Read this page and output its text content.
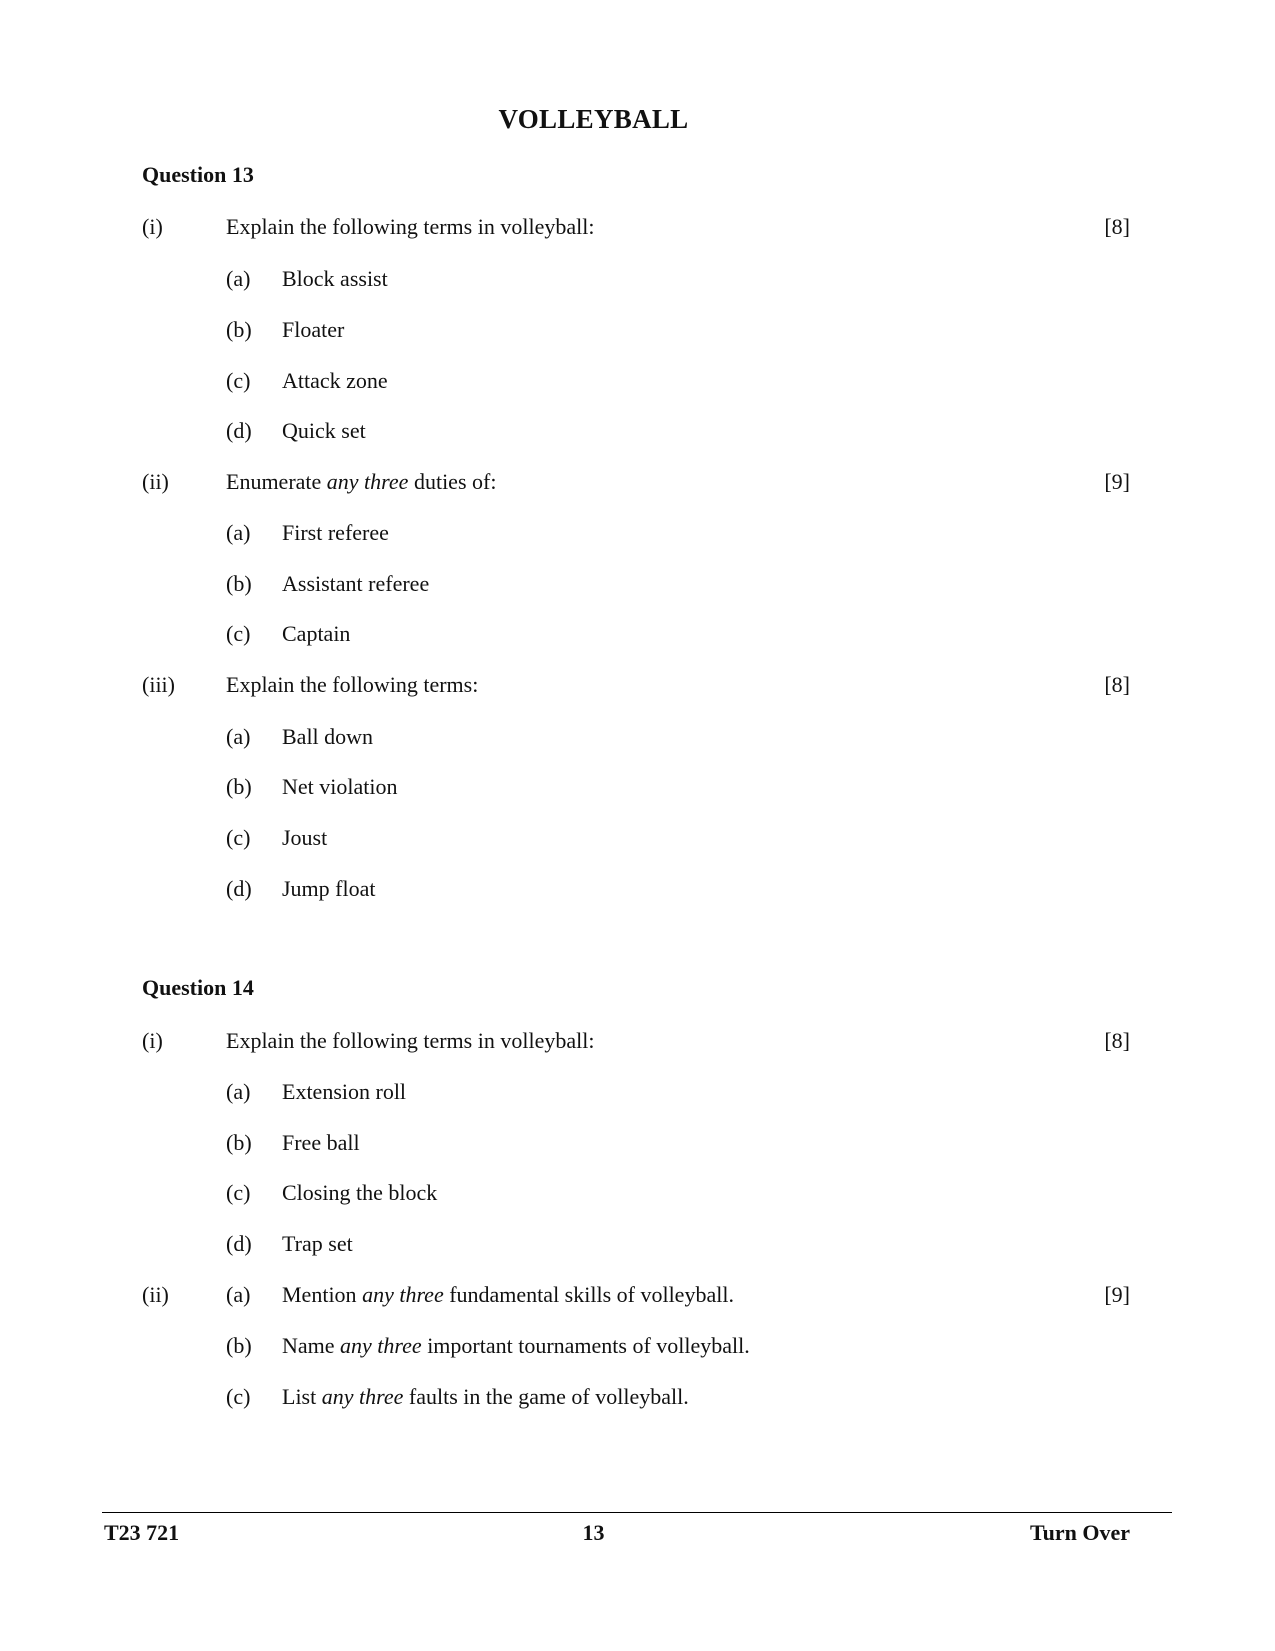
VOLLEYBALL
Question 13
(i)	Explain the following terms in volleyball:	[8]
(a) Block assist
(b) Floater
(c) Attack zone
(d) Quick set
(ii)	Enumerate any three duties of:	[9]
(a) First referee
(b) Assistant referee
(c) Captain
(iii) Explain the following terms:	[8]
(a) Ball down
(b) Net violation
(c) Joust
(d) Jump float
Question 14
(i)	Explain the following terms in volleyball:	[8]
(a) Extension roll
(b) Free ball
(c) Closing the block
(d) Trap set
(ii)	(a) Mention any three fundamental skills of volleyball.	[9]
(b) Name any three important tournaments of volleyball.
(c) List any three faults in the game of volleyball.
T23 721	13	Turn Over
